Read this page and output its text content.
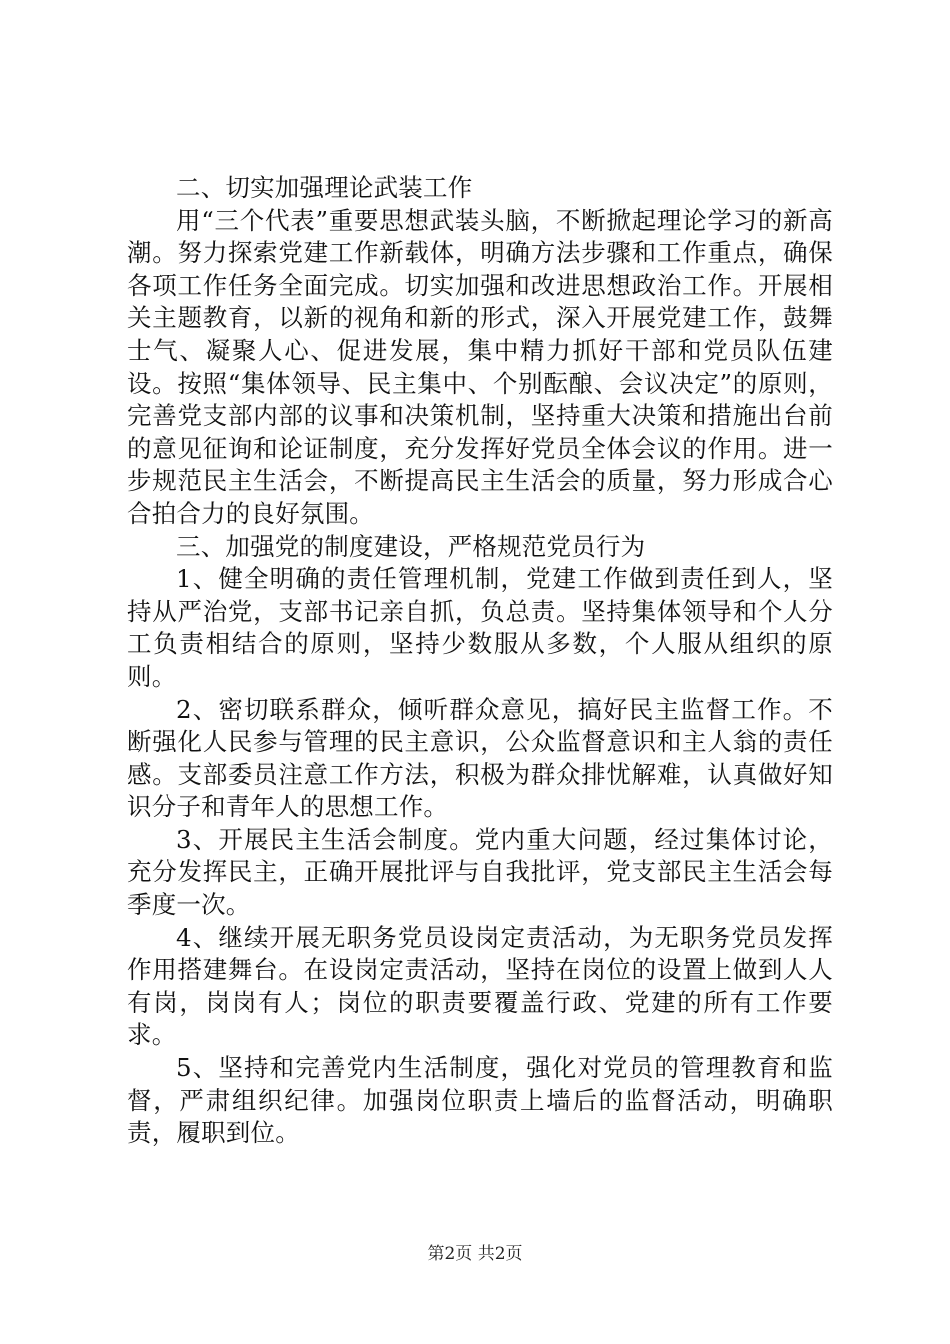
二、切实加强理论武装工作

用“三个代表”重要思想武装头脑，不断掀起理论学习的新高潮。努力探索党建工作新载体，明确方法步骤和工作重点，确保各项工作任务全面完成。切实加强和改进思想政治工作。开展相关主题教育，以新的视角和新的形式，深入开展党建工作，鼓舞士气、凝聚人心、促进发展，集中精力抓好干部和党员队伍建设。按照“集体领导、民主集中、个别酝酿、会议决定”的原则，完善党支部内部的议事和决策机制，坚持重大决策和措施出台前的意见征询和论证制度，充分发挥好党员全体会议的作用。进一步规范民主生活会，不断提高民主生活会的质量，努力形成合心合拍合力的良好氛围。

三、加强党的制度建设，严格规范党员行为

1、健全明确的责任管理机制，党建工作做到责任到人，坚持从严治党，支部书记亲自抓，负总责。坚持集体领导和个人分工负责相结合的原则，坚持少数服从多数，个人服从组织的原则。

2、密切联系群众，倾听群众意见，搞好民主监督工作。不断强化人民参与管理的民主意识，公众监督意识和主人翁的责任感。支部委员注意工作方法，积极为群众排忧解难，认真做好知识分子和青年人的思想工作。

3、开展民主生活会制度。党内重大问题，经过集体讨论，充分发挥民主，正确开展批评与自我批评，党支部民主生活会每季度一次。

4、继续开展无职务党员设岗定责活动，为无职务党员发挥作用搭建舞台。在设岗定责活动，坚持在岗位的设置上做到人人有岗，岗岗有人；岗位的职责要覆盖行政、党建的所有工作要求。

5、坚持和完善党内生活制度，强化对党员的管理教育和监督，严肃组织纪律。加强岗位职责上墙后的监督活动，明确职责，履职到位。

第2页 共2页
